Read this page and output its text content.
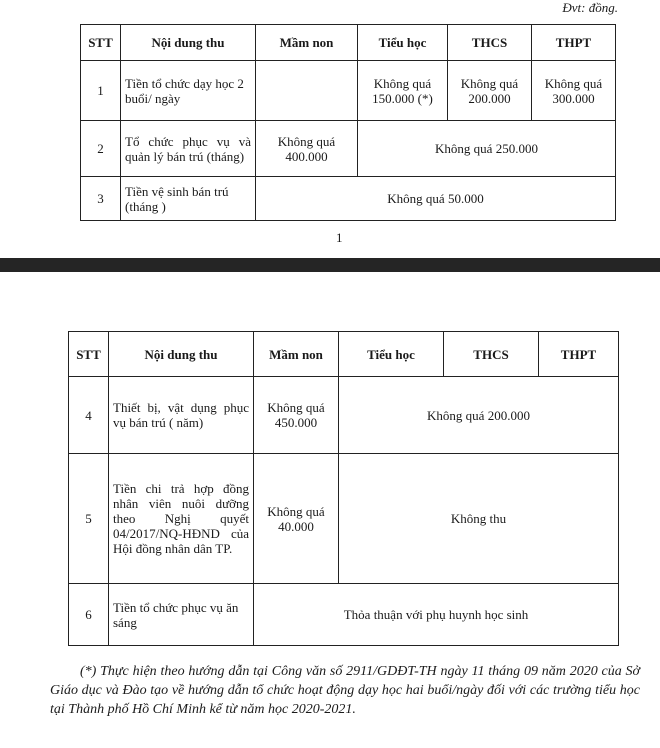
Đvt: đồng.
STT	Nội dung thu	Mầm non	Tiểu học	THCS	THPT
1	Tiền tổ chức dạy học 2 buổi/ ngày		Không quá 150.000 (*)	Không quá 200.000	Không quá 300.000
2	Tổ chức phục vụ và quản lý bán trú (tháng)	Không quá 400.000	Không quá 250.000		
3	Tiền vệ sinh bán trú (tháng )	Không quá 50.000			
1
STT	Nội dung thu	Mầm non	Tiểu học	THCS	THPT
4	Thiết bị, vật dụng phục vụ bán trú ( năm)	Không quá 450.000	Không quá 200.000		
5	Tiền chi trả hợp đồng nhân viên nuôi dưỡng theo Nghị quyết 04/2017/NQ-HĐND của Hội đồng nhân dân TP.	Không quá 40.000	Không thu		
6	Tiền tổ chức phục vụ ăn sáng	Thỏa thuận với phụ huynh học sinh			
(*) Thực hiện theo hướng dẫn tại Công văn số 2911/GDĐT-TH ngày 11 tháng 09 năm 2020 của Sở Giáo dục và Đào tạo về hướng dẫn tổ chức hoạt động dạy học hai buổi/ngày đối với các trường tiểu học tại Thành phố Hồ Chí Minh kể từ năm học 2020-2021.
